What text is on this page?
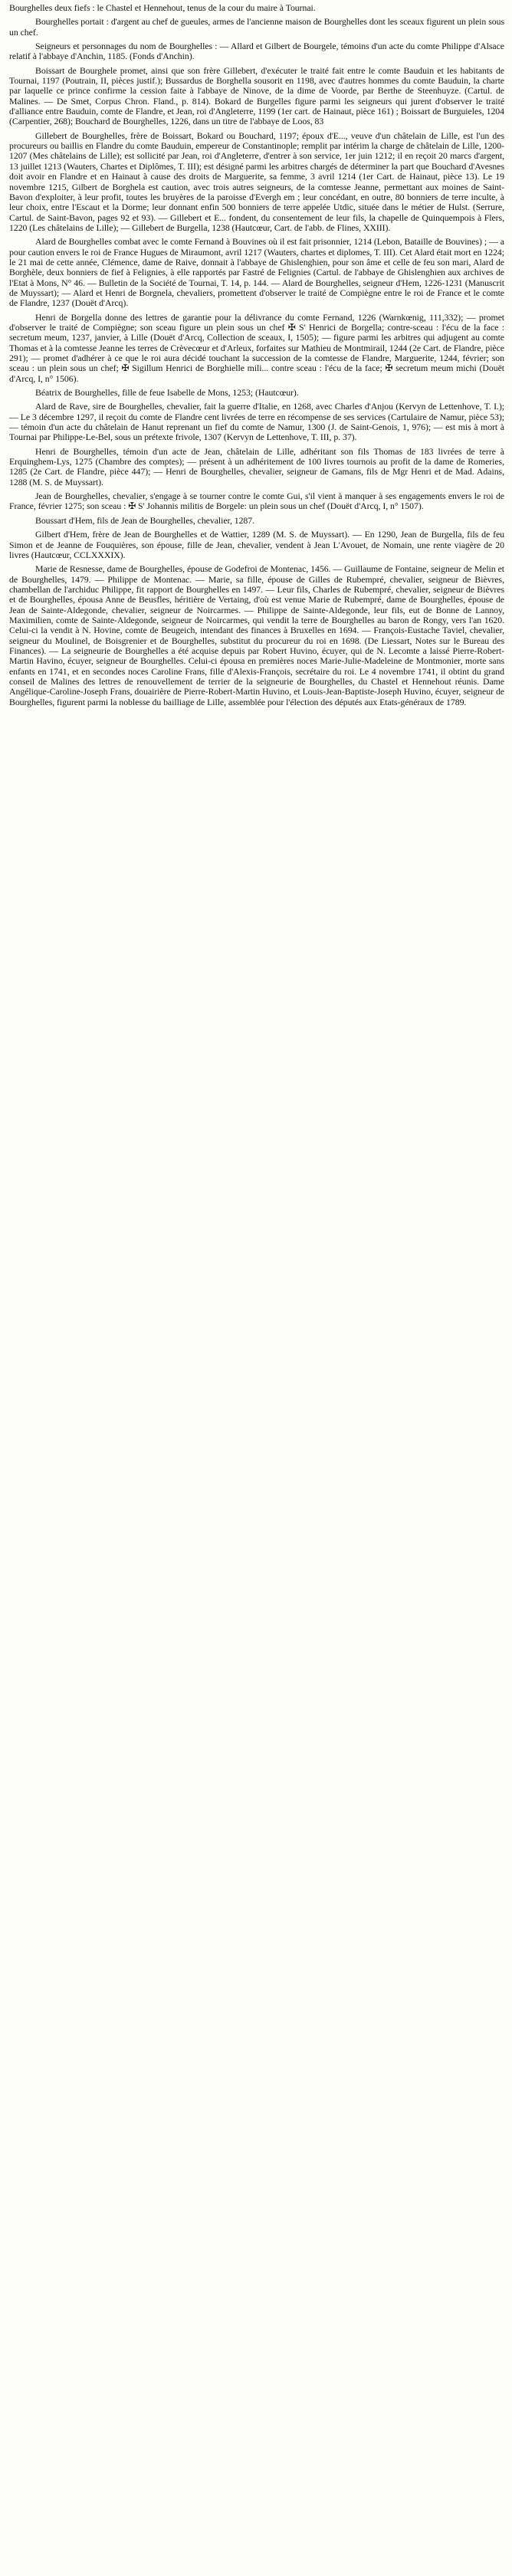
Bourghelles deux fiefs : le Chastel et Hennehout, tenus de la cour du maire à Tournai.

Bourghelles portait : d'argent au chef de gueules, armes de l'ancienne maison de Bourghelles dont les sceaux figurent un plein sous un chef.

Seigneurs et personnages du nom de Bourghelles : — Allard et Gilbert de Bourgele, témoins d'un acte du comte Philippe d'Alsace relatif à l'abbaye d'Anchin, 1185. (Fonds d'Anchin).

Boissart de Bourghele promet, ainsi que son frère Gillebert, d'exécuter le traité fait entre le comte Bauduin et les habitants de Tournai, 1197 (Poutrain, II, pièces justif.); Bussardus de Borghella sousorit en 1198, avec d'autres hommes du comte Bauduin, la charte par laquelle ce prince confirme la cession faite à l'abbaye de Ninove, de la dime de Voorde, par Berthe de Steenhuyze. (Cartul. de Malines. — De Smet, Corpus Chron. Fland., p. 814). Bokard de Burgelles figure parmi les seigneurs qui jurent d'observer le traité d'alliance entre Bauduin, comte de Flandre, et Jean, roi d'Angleterre, 1199 (1er cart. de Hainaut, pièce 161) ; Boissart de Burguieles, 1204 (Carpentier, 268); Bouchard de Bourghelles, 1226, dans un titre de l'abbaye de Loos, 83

Gillebert de Bourghelles, frère de Boissart, Bokard ou Bouchard, 1197; époux d'E..., veuve d'un châtelain de Lille, est l'un des procureurs ou baillis en Flandre du comte Bauduin, empereur de Constantinople; remplit par intérim la charge de châtelain de Lille, 1200-1207 (Mes châtelains de Lille); est sollicité par Jean, roi d'Angleterre, d'entrer à son service, 1er juin 1212; il en reçoit 20 marcs d'argent, 13 juillet 1213 (Wauters, Chartes et Diplômes, T. III); est désigné parmi les arbitres chargés de déterminer la part que Bouchard d'Avesnes doit avoir en Flandre et en Hainaut à cause des droits de Marguerite, sa femme, 3 avril 1214 (1er Cart. de Hainaut, pièce 13). Le 19 novembre 1215, Gilbert de Borghela est caution, avec trois autres seigneurs, de la comtesse Jeanne, permettant aux moines de Saint-Bavon d'exploiter, à leur profit, toutes les bruyères de la paroisse d'Evergh em ; leur concédant, en outre, 80 bonniers de terre inculte, à leur choix, entre l'Escaut et la Dorme; leur donnant enfin 500 bonniers de terre appelée Utdic, située dans le métier de Hulst. (Serrure, Cartul. de Saint-Bavon, pages 92 et 93). — Gillebert et E... fondent, du consentement de leur fils, la chapelle de Quinquempois à Flers, 1220 (Les châtelains de Lille); — Gillebert de Burgella, 1238 (Hautcœur, Cart. de l'abb. de Flines, XXIII).

Alard de Bourghelles combat avec le comte Fernand à Bouvines où il est fait prisonnier, 1214 (Lebon, Bataille de Bouvines) ; — a pour caution envers le roi de France Hugues de Miraumont, avril 1217 (Wauters, chartes et diplomes, T. III). Cet Alard était mort en 1224; le 21 mai de cette année, Clémence, dame de Raive, donnait à l'abbaye de Ghislenghien, pour son âme et celle de feu son mari, Alard de Borghèle, deux bonniers de fief à Felignies, à elle rapportés par Fastré de Felignies (Cartul. de l'abbaye de Ghislenghien aux archives de l'Etat à Mons, N° 46. — Bulletin de la Société de Tournai, T. 14, p. 144. — Alard de Bourghelles, seigneur d'Hem, 1226-1231 (Manuscrit de Muyssart); — Alard et Henri de Borgnela, chevaliers, promettent d'observer le traité de Compiègne entre le roi de France et le comte de Flandre, 1237 (Douët d'Arcq).

Henri de Borgella donne des lettres de garantie pour la délivrance du comte Fernand, 1226 (Warnkœnig, 111,332); — promet d'observer le traité de Compiègne; son sceau figure un plein sous un chef ✠ S' Henrici de Borgella; contre-sceau : l'écu de la face : secretum meum, 1237, janvier, à Lille (Douët d'Arcq, Collection de sceaux, I, 1505); — figure parmi les arbitres qui adjugent au comte Thomas et à la comtesse Jeanne les terres de Crèvecœur et d'Arleux, forfaites sur Mathieu de Montmirail, 1244 (2e Cart. de Flandre, pièce 291); — promet d'adhérer à ce que le roi aura décidé touchant la succession de la comtesse de Flandre, Marguerite, 1244, février; son sceau : un plein sous un chef; ✠ Sigillum Henrici de Borghielle mili... contre sceau : l'écu de la face; ✠ secretum meum michi (Douët d'Arcq, I, n° 1506).

Béatrix de Bourghelles, fille de feue Isabelle de Mons, 1253; (Hautcœur).

Alard de Rave, sire de Bourghelles, chevalier, fait la guerre d'Italie, en 1268, avec Charles d'Anjou (Kervyn de Lettenhove, T. I.); — Le 3 décembre 1297, il reçoit du comte de Flandre cent livrées de terre en récompense de ses services (Cartulaire de Namur, pièce 53); — témoin d'un acte du châtelain de Hanut reprenant un fief du comte de Namur, 1300 (J. de Saint-Genois, 1, 976); — est mis à mort à Tournai par Philippe-Le-Bel, sous un prétexte frivole, 1307 (Kervyn de Lettenhove, T. III, p. 37).

Henri de Bourghelles, témoin d'un acte de Jean, châtelain de Lille, adhéritant son fils Thomas de 183 livrées de terre à Erquinghem-Lys, 1275 (Chambre des comptes); — présent à un adhéritement de 100 livres tournois au profit de la dame de Romeries, 1285 (2e Cart. de Flandre, pièce 447); — Henri de Bourghelles, chevalier, seigneur de Gamans, fils de Mgr Henri et de Mad. Adains, 1288 (M. S. de Muyssart).

Jean de Bourghelles, chevalier, s'engage à se tourner contre le comte Gui, s'il vient à manquer à ses engagements envers le roi de France, février 1275; son sceau : ✠ S' Johannis militis de Borgele: un plein sous un chef (Douët d'Arcq, I, n° 1507).

Boussart d'Hem, fils de Jean de Bourghelles, chevalier, 1287.

Gilbert d'Hem, frère de Jean de Bourghelles et de Wattier, 1289 (M. S. de Muyssart). — En 1290, Jean de Burgella, fils de feu Simon et de Jeanne de Fouquières, son épouse, fille de Jean, chevalier, vendent à Jean L'Avouet, de Nomain, une rente viagère de 20 livres (Hautcœur, CCLXXXIX).

Marie de Resnesse, dame de Bourghelles, épouse de Godefroi de Montenac, 1456. — Guillaume de Fontaine, seigneur de Melin et de Bourghelles, 1479. — Philippe de Montenac. — Marie, sa fille, épouse de Gilles de Rubempré, chevalier, seigneur de Bièvres, chambellan de l'archiduc Philippe, fit rapport de Bourghelles en 1497. — Leur fils, Charles de Rubempré, chevalier, seigneur de Bièvres et de Bourghelles, épousa Anne de Beusfles, héritière de Vertaing, d'où est venue Marie de Rubempré, dame de Bourghelles, épouse de Jean de Sainte-Aldegonde, chevalier, seigneur de Noircarmes. — Philippe de Sainte-Aldegonde, leur fils, eut de Bonne de Lannoy, Maximilien, comte de Sainte-Aldegonde, seigneur de Noircarmes, qui vendit la terre de Bourghelles au baron de Rongy, vers l'an 1620. Celui-ci la vendit à N. Hovine, comte de Beugeich, intendant des finances à Bruxelles en 1694. — François-Eustache Taviel, chevalier, seigneur du Moulinel, de Boisgrenier et de Bourghelles, substitut du procureur du roi en 1698. (De Liessart, Notes sur le Bureau des Finances). — La seigneurie de Bourghelles a été acquise depuis par Robert Huvino, écuyer, qui de N. Lecomte a laissé Pierre-Robert-Martin Havino, écuyer, seigneur de Bourghelles. Celui-ci épousa en premières noces Marie-Julie-Madeleine de Montmonier, morte sans enfants en 1741, et en secondes noces Caroline Frans, fille d'Alexis-François, secrétaire du roi. Le 4 novembre 1741, il obtint du grand conseil de Malines des lettres de renouvellement de terrier de la seigneurie de Bourghelles, du Chastel et Hennehout réunis. Dame Angélique-Caroline-Joseph Frans, douairière de Pierre-Robert-Martin Huvino, et Louis-Jean-Baptiste-Joseph Huvino, écuyer, seigneur de Bourghelles, figurent parmi la noblesse du bailliage de Lille, assemblée pour l'élection des députés aux Etats-généraux de 1789.
